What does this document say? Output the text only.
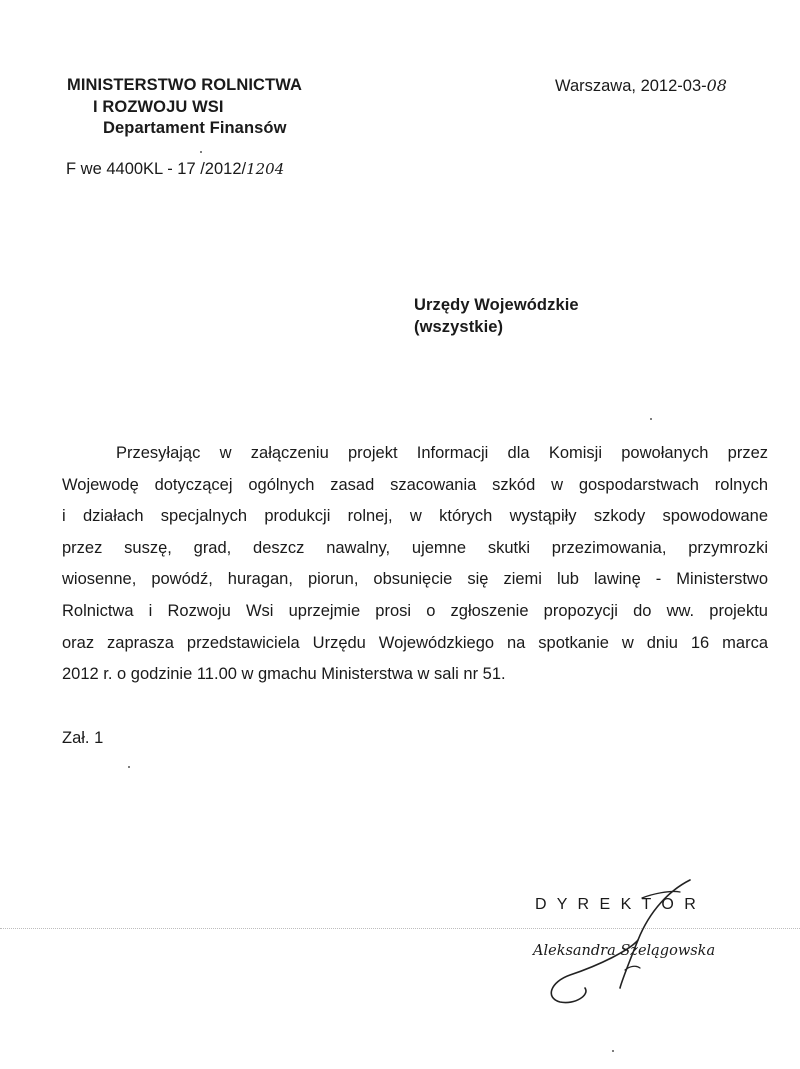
MINISTERSTWO ROLNICTWA
I ROZWOJU WSI
Departament Finansów
F we 4400KL - 17 /2012/1204
Warszawa, 2012-03-08
Urzędy Wojewódzkie
(wszystkie)
Przesyłając w załączeniu projekt Informacji dla Komisji powołanych przez
Wojewodę dotyczącej ogólnych zasad szacowania szkód w gospodarstwach rolnych
i działach specjalnych produkcji rolnej, w których wystąpiły szkody spowodowane
przez suszę, grad, deszcz nawalny, ujemne skutki przezimowania, przymrozki
wiosenne, powódź, huragan, piorun, obsunięcie się ziemi lub lawinę - Ministerstwo
Rolnictwa i Rozwoju Wsi uprzejmie prosi o zgłoszenie propozycji do ww. projektu
oraz zaprasza przedstawiciela Urzędu Wojewódzkiego na spotkanie w dniu 16 marca
2012 r. o godzinie 11.00 w gmachu Ministerstwa w sali nr 51.
Zał. 1
D Y R E K T O R
Aleksandra Szelągowska
